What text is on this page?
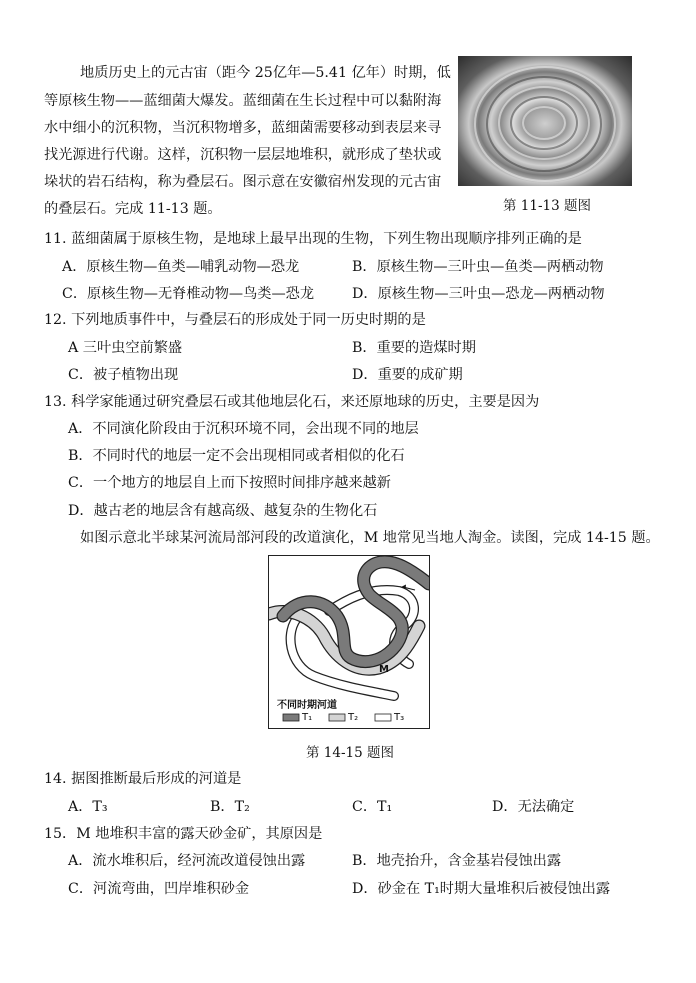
地质历史上的元古宙（距今 25亿年—5.41 亿年）时期，低
等原核生物——蓝细菌大爆发。蓝细菌在生长过程中可以黏附海
水中细小的沉积物，当沉积物增多，蓝细菌需要移动到表层来寻
找光源进行代谢。这样，沉积物一层层地堆积，就形成了垫状或
垛状的岩石结构，称为叠层石。图示意在安徽宿州发现的元古宙
的叠层石。完成 11-13 题。	第 11-13 题图
11. 蓝细菌属于原核生物，是地球上最早出现的生物，下列生物出现顺序排列正确的是
A．原核生物—鱼类—哺乳动物—恐龙	B．原核生物—三叶虫—鱼类—两栖动物
C．原核生物—无脊椎动物—鸟类—恐龙	D．原核生物—三叶虫—恐龙—两栖动物
12. 下列地质事件中，与叠层石的形成处于同一历史时期的是
A 三叶虫空前繁盛	B．重要的造煤时期
C．被子植物出现	D．重要的成矿期
13. 科学家能通过研究叠层石或其他地层化石，来还原地球的历史，主要是因为
A．不同演化阶段由于沉积环境不同，会出现不同的地层
B．不同时代的地层一定不会出现相同或者相似的化石
C．一个地方的地层自上而下按照时间排序越来越新
D．越古老的地层含有越高级、越复杂的生物化石
如图示意北半球某河流局部河段的改道演化，M 地常见当地人淘金。读图，完成 14-15 题。
M
不同时期河道
T₁	T₂	T₃
第 14-15 题图
14. 据图推断最后形成的河道是
A．T₃	B．T₂	C．T₁	D．无法确定
15．M 地堆积丰富的露天砂金矿，其原因是
A．流水堆积后，经河流改道侵蚀出露	B．地壳抬升，含金基岩侵蚀出露
C．河流弯曲，凹岸堆积砂金	D．砂金在 T₁时期大量堆积后被侵蚀出露
